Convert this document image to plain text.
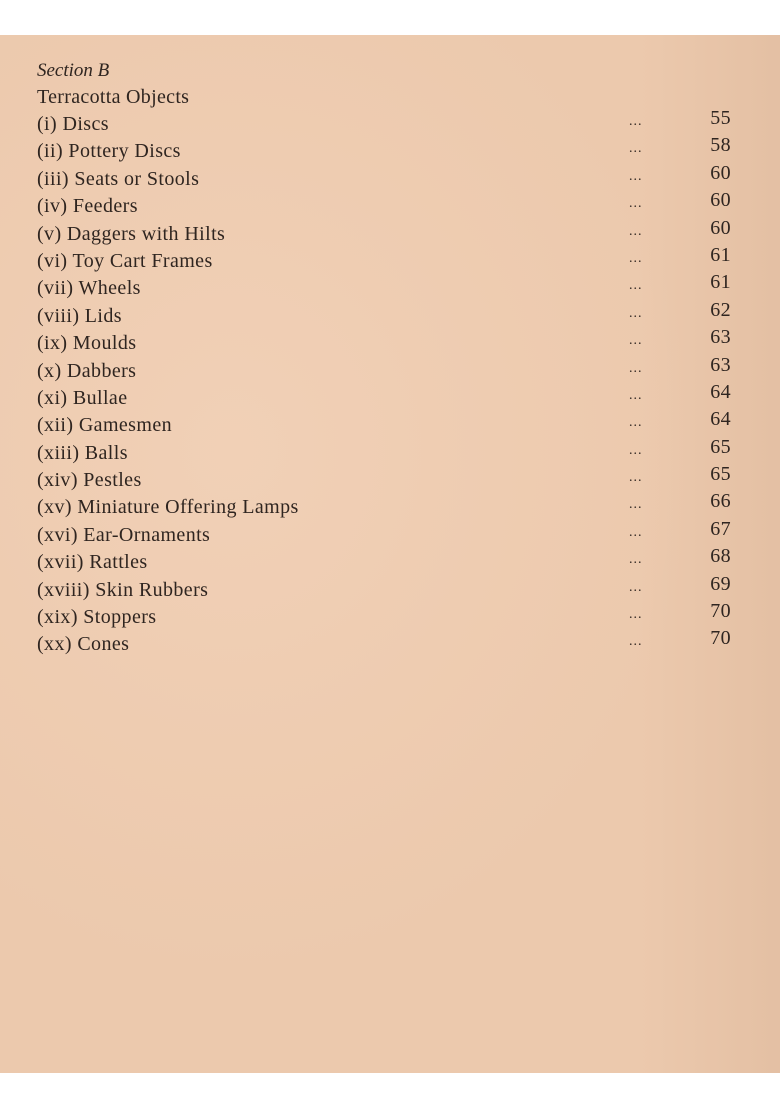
Section B
Terracotta Objects
(i) Discs	...	55
(ii) Pottery Discs	...	58
(iii) Seats or Stools	...	60
(iv) Feeders	...	60
(v) Daggers with Hilts	...	60
(vi) Toy Cart Frames	...	61
(vii) Wheels	...	61
(viii) Lids	...	62
(ix) Moulds	...	63
(x) Dabbers	...	63
(xi) Bullae	...	64
(xii) Gamesmen	...	64
(xiii) Balls	...	65
(xiv) Pestles	...	65
(xv) Miniature Offering Lamps	...	66
(xvi) Ear-Ornaments	...	67
(xvii) Rattles	...	68
(xviii) Skin Rubbers	...	69
(xix) Stoppers	...	70
(xx) Cones	...	70
